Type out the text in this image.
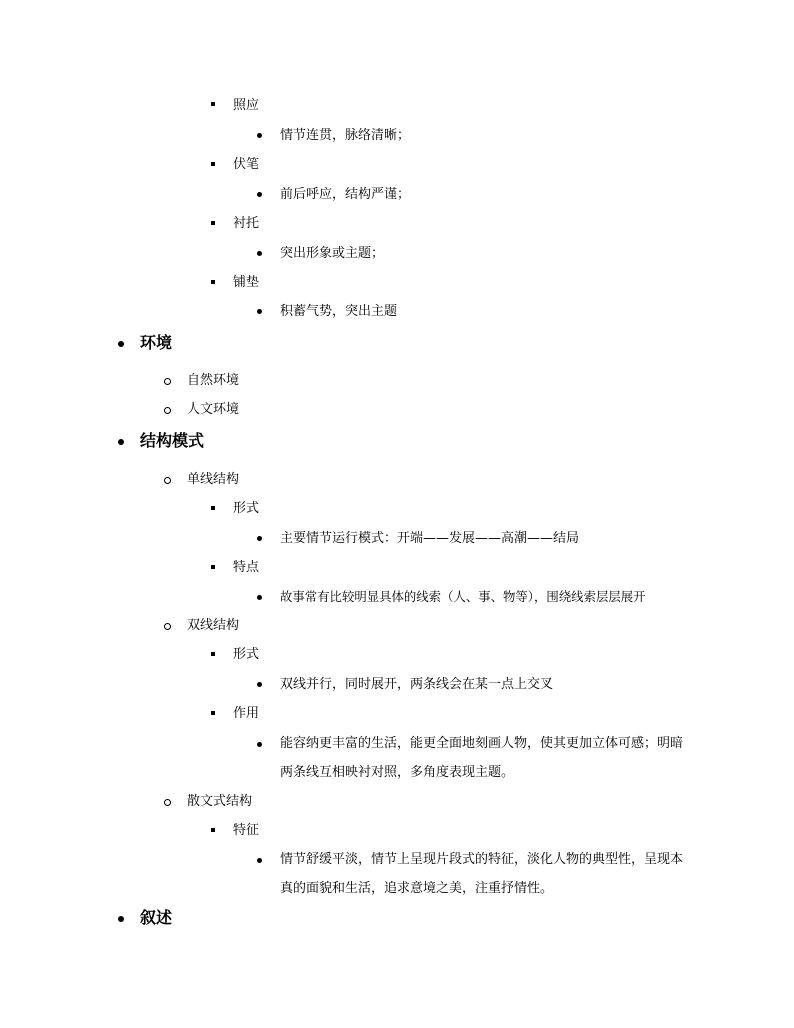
照应
情节连贯，脉络清晰；
伏笔
前后呼应，结构严谨；
衬托
突出形象或主题；
铺垫
积蓄气势，突出主题
环境
自然环境
人文环境
结构模式
单线结构
形式
主要情节运行模式：开端——发展——高潮——结局
特点
故事常有比较明显具体的线索（人、事、物等），围绕线索层层展开
双线结构
形式
双线并行，同时展开，两条线会在某一点上交叉
作用
能容纳更丰富的生活，能更全面地刻画人物，使其更加立体可感；明暗两条线互相映衬对照，多角度表现主题。
散文式结构
特征
情节舒缓平淡，情节上呈现片段式的特征，淡化人物的典型性，呈现本真的面貌和生活，追求意境之美，注重抒情性。
叙述
